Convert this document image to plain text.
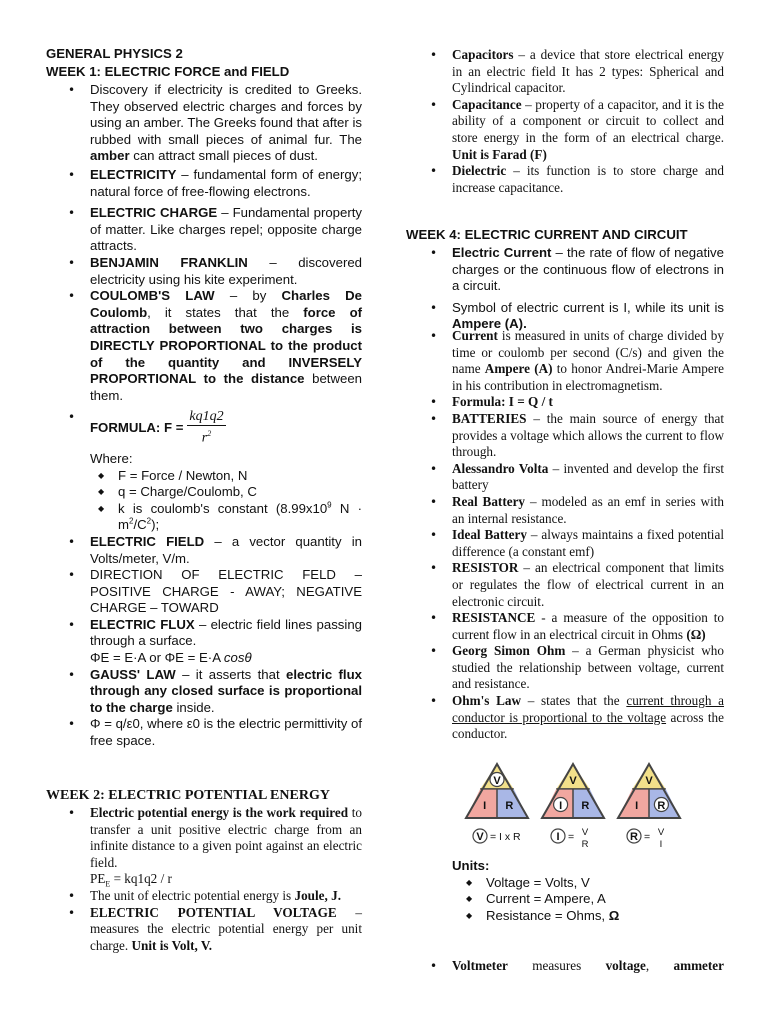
GENERAL PHYSICS 2
WEEK 1: ELECTRIC FORCE and FIELD
• Discovery if electricity is credited to Greeks. They observed electric charges and forces by using an amber. The Greeks found that after is rubbed with small pieces of animal fur. The amber can attract small pieces of dust.
• ELECTRICITY – fundamental form of energy; natural force of free-flowing electrons.
• ELECTRIC CHARGE – Fundamental property of matter. Like charges repel; opposite charge attracts.
• BENJAMIN FRANKLIN – discovered electricity using his kite experiment.
• COULOMB'S LAW – by Charles De Coulomb, it states that the force of attraction between two charges is DIRECTLY PROPORTIONAL to the product of the quantity and INVERSELY PROPORTIONAL to the distance between them.
• FORMULA: $F = \frac{kq1q2}{r^2}$
Where:
◆ F = Force / Newton, N
◆ q = Charge/Coulomb, C
◆ k is coulomb's constant ($8.99x10^9$ $N \cdot m^2/C^2$);
• ELECTRIC FIELD – a vector quantity in Volts/meter, V/m.
• DIRECTION OF ELECTRIC FELD – POSITIVE CHARGE - AWAY; NEGATIVE CHARGE – TOWARD
• ELECTRIC FLUX – electric field lines passing through a surface.
ΦE = E·A or ΦE = E·A cosθ
• GAUSS' LAW – it asserts that electric flux through any closed surface is proportional to the charge inside.
• Φ = q/ε0, where ε0 is the electric permittivity of free space.
WEEK 2: ELECTRIC POTENTIAL ENERGY
• Electric potential energy is the work required to transfer a unit positive electric charge from an infinite distance to a given point against an electric field.
$PE_E = kq1q2 / r$
• The unit of electric potential energy is Joule, J.
• ELECTRIC POTENTIAL VOLTAGE – measures the electric potential energy per unit charge. Unit is Volt, V.
• Capacitors – a device that store electrical energy in an electric field It has 2 types: Spherical and Cylindrical capacitor.
• Capacitance – property of a capacitor, and it is the ability of a component or circuit to collect and store energy in the form of an electrical charge. Unit is Farad (F)
• Dielectric – its function is to store charge and increase capacitance.
WEEK 4: ELECTRIC CURRENT AND CIRCUIT
• Electric Current – the rate of flow of negative charges or the continuous flow of electrons in a circuit.
• Symbol of electric current is I, while its unit is Ampere (A).
• Current is measured in units of charge divided by time or coulomb per second (C/s) and given the name Ampere (A) to honor Andrei-Marie Ampere in his contribution in electromagnetism.
• Formula: I = Q / t
• BATTERIES – the main source of energy that provides a voltage which allows the current to flow through.
• Alessandro Volta – invented and develop the first battery
• Real Battery – modeled as an emf in series with an internal resistance.
• Ideal Battery – always maintains a fixed potential difference (a constant emf)
• RESISTOR – an electrical component that limits or regulates the flow of electrical current in an electronic circuit.
• RESISTANCE - a measure of the opposition to current flow in an electrical circuit in Ohms (Ω)
• Georg Simon Ohm – a German physicist who studied the relationship between voltage, current and resistance.
• Ohm's Law – states that the current through a conductor is proportional to the voltage across the conductor.
V
I R
V
I R
V
I R
V = I x R	I = V
R
R = V
I
Units:
◆ Voltage = Volts, V
◆ Current = Ampere, A
◆ Resistance = Ohms, Ω
• Voltmeter measures voltage, ammeter
